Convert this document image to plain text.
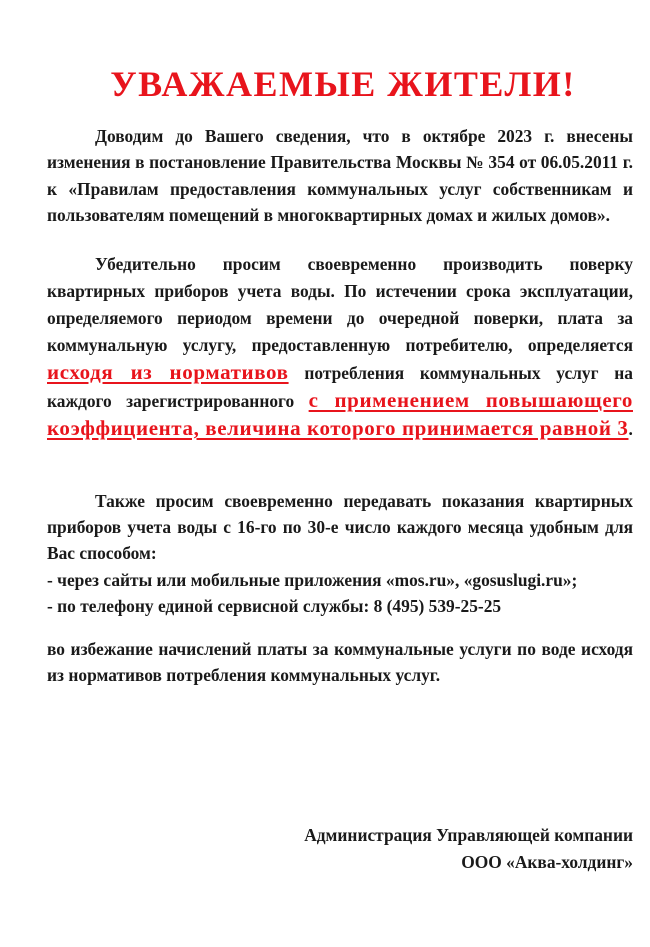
УВАЖАЕМЫЕ ЖИТЕЛИ!

Доводим до Вашего сведения, что в октябре 2023 г. внесены изменения в постановление Правительства Москвы № 354 от 06.05.2011 г. к «Правилам предоставления коммунальных услуг собственникам и пользователям помещений в многоквартирных домах и жилых домов».

Убедительно просим своевременно производить поверку квартирных приборов учета воды. По истечении срока эксплуатации, определяемого периодом времени до очередной поверки, плата за коммунальную услугу, предоставленную потребителю, определяется исходя из нормативов потребления коммунальных услуг на каждого зарегистрированного с применением повышающего коэффициента, величина которого принимается равной 3.

Также просим своевременно передавать показания квартирных приборов учета воды с 16-го по 30-е число каждого месяца удобным для Вас способом:
- через сайты или мобильные приложения «mos.ru», «gosuslugi.ru»;
- по телефону единой сервисной службы: 8 (495) 539-25-25

во избежание начислений платы за коммунальные услуги по воде исходя из нормативов потребления коммунальных услуг.

Администрация Управляющей компании
ООО «Аква-холдинг»
